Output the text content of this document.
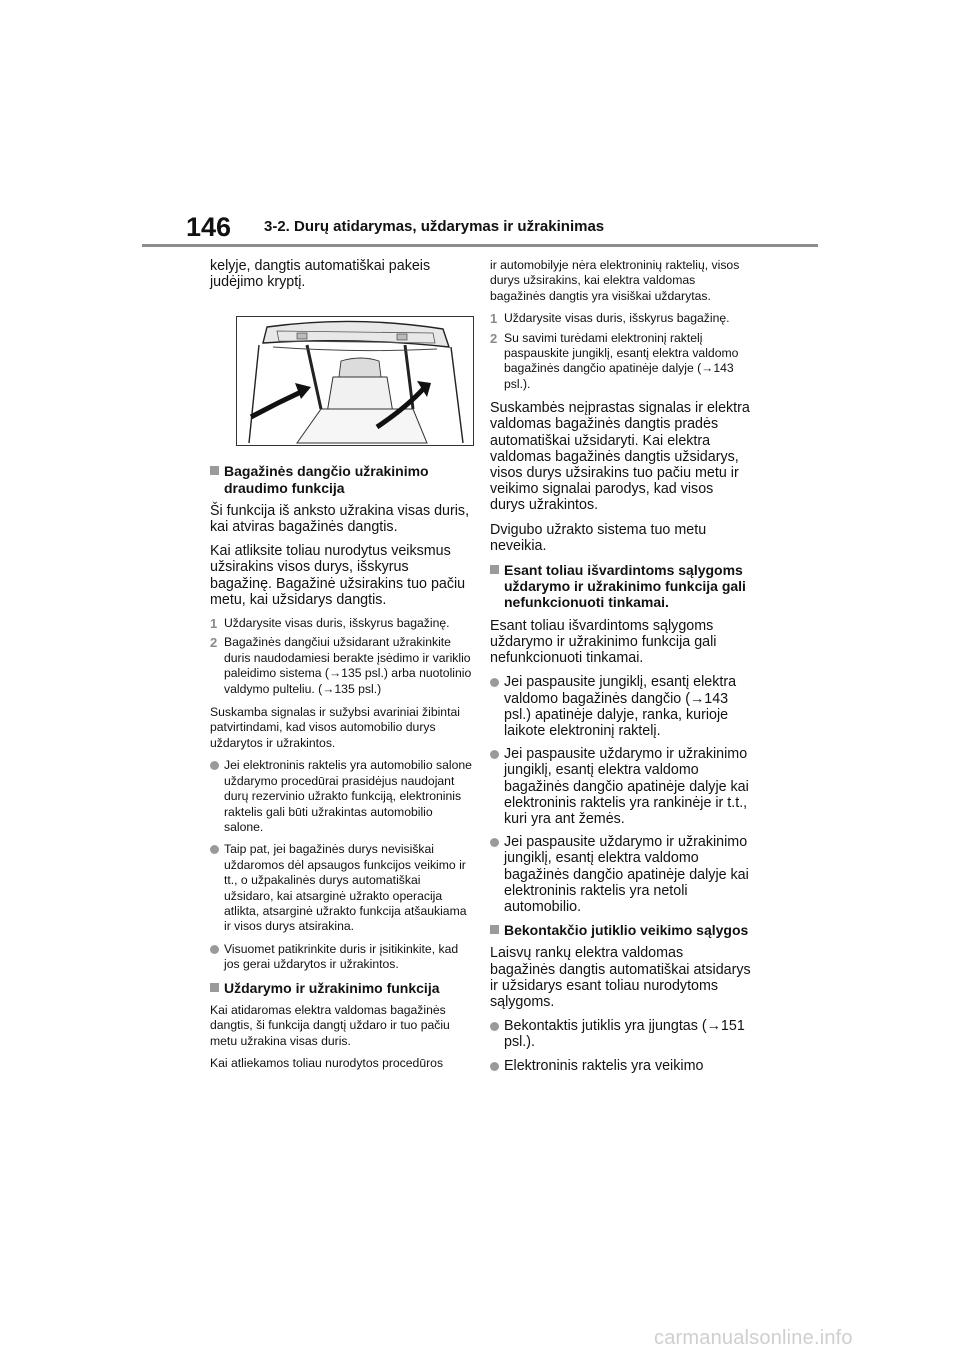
146 3-2. Durų atidarymas, uždarymas ir užrakinimas

kelyje, dangtis automatiškai pakeis judėjimo kryptį.

Bagažinės dangčio užrakinimo draudimo funkcija

Ši funkcija iš anksto užrakina visas duris, kai atviras bagažinės dangtis.

Kai atliksite toliau nurodytus veiksmus užsirakins visos durys, išskyrus bagažinę. Bagažinė užsirakins tuo pačiu metu, kai užsidarys dangtis.

1 Uždarysite visas duris, išskyrus bagažinę.
2 Bagažinės dangčiui užsidarant užrakinkite duris naudodamiesi berakte įsėdimo ir variklio paleidimo sistema (→135 psl.) arba nuotolinio valdymo pulteliu. (→135 psl.)

Suskamba signalas ir sužybsi avariniai žibintai patvirtindami, kad visos automobilio durys uždarytos ir užrakintos.

Jei elektroninis raktelis yra automobilio salone uždarymo procedūrai prasidėjus naudojant durų rezervinio užrakto funkciją, elektroninis raktelis gali būti užrakintas automobilio salone.
Taip pat, jei bagažinės durys nevisiškai uždaromos dėl apsaugos funkcijos veikimo ir tt., o užpakalinės durys automatiškai užsidaro, kai atsarginė užrakto operacija atlikta, atsarginė užrakto funkcija atšaukiama ir visos durys atsirakina.
Visuomet patikrinkite duris ir įsitikinkite, kad jos gerai uždarytos ir užrakintos.
Uždarymo ir užrakinimo funkcija

Kai atidaromas elektra valdomas bagažinės dangtis, ši funkcija dangtį uždaro ir tuo pačiu metu užrakina visas duris.

Kai atliekamos toliau nurodytos procedūros

ir automobilyje nėra elektroninių raktelių, visos durys užsirakins, kai elektra valdomas bagažinės dangtis yra visiškai uždarytas.

1 Uždarysite visas duris, išskyrus bagažinę.
2 Su savimi turėdami elektroninį raktelį paspauskite jungiklį, esantį elektra valdomo bagažinės dangčio apatinėje dalyje (→143 psl.).

Suskambės neįprastas signalas ir elektra valdomas bagažinės dangtis pradės automatiškai užsidaryti. Kai elektra valdomas bagažinės dangtis užsidarys, visos durys užsirakins tuo pačiu metu ir veikimo signalai parodys, kad visos durys užrakintos.

Dvigubo užrakto sistema tuo metu neveikia.

Esant toliau išvardintoms sąlygoms uždarymo ir užrakinimo funkcija gali nefunkcionuoti tinkamai.

Esant toliau išvardintoms sąlygoms uždarymo ir užrakinimo funkcija gali nefunkcionuoti tinkamai.

Jei paspausite jungiklį, esantį elektra valdomo bagažinės dangčio (→143 psl.) apatinėje dalyje, ranka, kurioje laikote elektroninį raktelį.
Jei paspausite uždarymo ir užrakinimo jungiklį, esantį elektra valdomo bagažinės dangčio apatinėje dalyje kai elektroninis raktelis yra rankinėje ir t.t., kuri yra ant žemės.
Jei paspausite uždarymo ir užrakinimo jungiklį, esantį elektra valdomo bagažinės dangčio apatinėje dalyje kai elektroninis raktelis yra netoli automobilio.
Bekontakčio jutiklio veikimo sąlygos

Laisvų rankų elektra valdomas bagažinės dangtis automatiškai atsidarys ir užsidarys esant toliau nurodytoms sąlygoms.

Bekontaktis jutiklis yra įjungtas (→151 psl.).
Elektroninis raktelis yra veikimo
carmanualsonline.info
